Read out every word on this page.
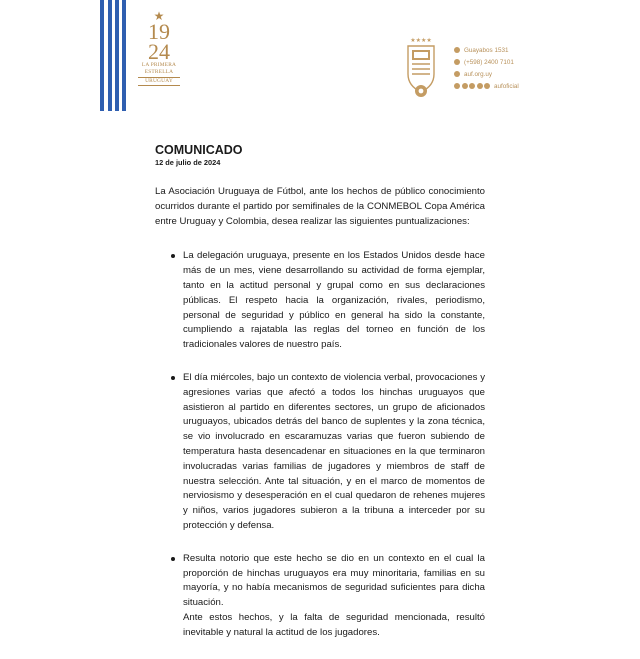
★
19
24
LA PRIMERA
ESTRELLA
URUGUAY
★★★★
Guayabos 1531
(+598) 2400 7101
auf.org.uy
aufoficial
COMUNICADO

12 de julio de 2024

La Asociación Uruguaya de Fútbol, ante los hechos de público conocimiento ocurridos durante el partido por semifinales de la CONMEBOL Copa América entre Uruguay y Colombia, desea realizar las siguientes puntualizaciones:

La delegación uruguaya, presente en los Estados Unidos desde hace más de un mes, viene desarrollando su actividad de forma ejemplar, tanto en la actitud personal y grupal como en sus declaraciones públicas. El respeto hacia la organización, rivales, periodismo, personal de seguridad y público en general ha sido la constante, cumpliendo a rajatabla las reglas del torneo en función de los tradicionales valores de nuestro país.
El día miércoles, bajo un contexto de violencia verbal, provocaciones y agresiones varias que afectó a todos los hinchas uruguayos que asistieron al partido en diferentes sectores, un grupo de aficionados uruguayos, ubicados detrás del banco de suplentes y la zona técnica, se vio involucrado en escaramuzas varias que fueron subiendo de temperatura hasta desencadenar en situaciones en la que terminaron involucradas varias familias de jugadores y miembros de staff de nuestra selección. Ante tal situación, y en el marco de momentos de nerviosismo y desesperación en el cual quedaron de rehenes mujeres y niños, varios jugadores subieron a la tribuna a interceder por su protección y defensa.
Resulta notorio que este hecho se dio en un contexto en el cual la proporción de hinchas uruguayos era muy minoritaria, familias en su mayoría, y no había mecanismos de seguridad suficientes para dicha situación.
Ante estos hechos, y la falta de seguridad mencionada, resultó inevitable y natural la actitud de los jugadores.
